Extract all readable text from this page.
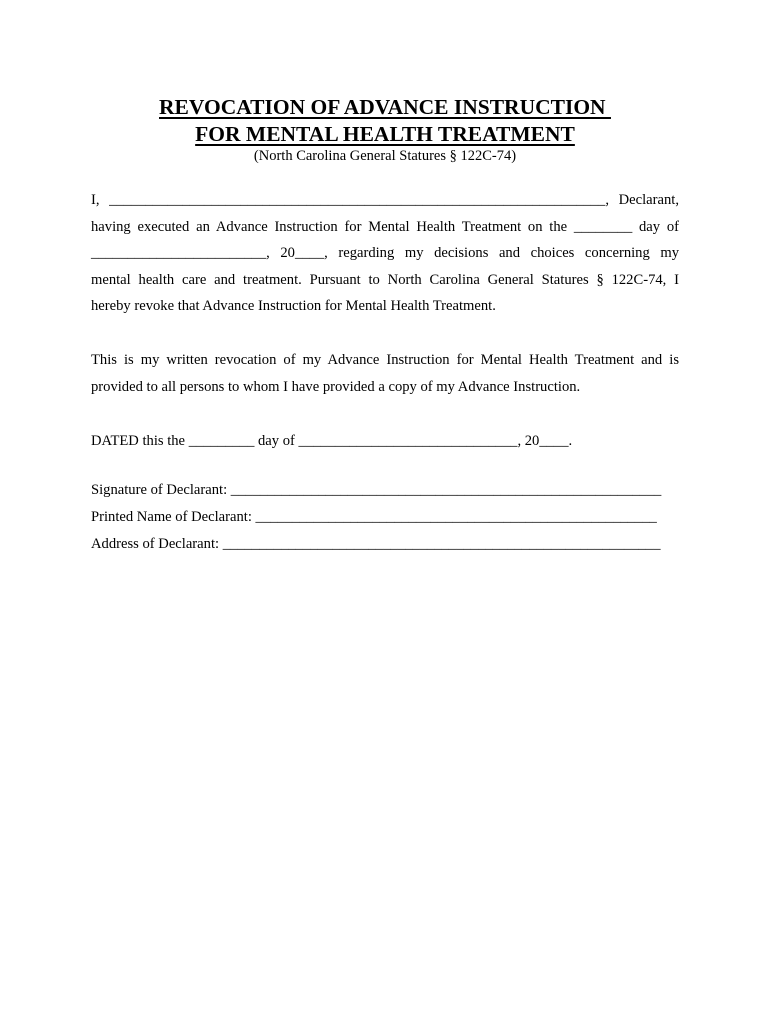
REVOCATION OF ADVANCE INSTRUCTION
FOR MENTAL HEALTH TREATMENT
(North Carolina General Statures § 122C-74)
I, ____________________________________________________________________, Declarant,
having executed an Advance Instruction for Mental Health Treatment on the ________ day of
________________________, 20____, regarding my decisions and choices concerning my
mental health care and treatment. Pursuant to North Carolina General Statures § 122C-74, I
hereby revoke that Advance Instruction for Mental Health Treatment.
This is my written revocation of my Advance Instruction for Mental Health Treatment and is
provided to all persons to whom I have provided a copy of my Advance Instruction.
DATED this the _________ day of ______________________________, 20____.
Signature of Declarant: ___________________________________________________________
Printed Name of Declarant: _______________________________________________________
Address of Declarant: ____________________________________________________________
